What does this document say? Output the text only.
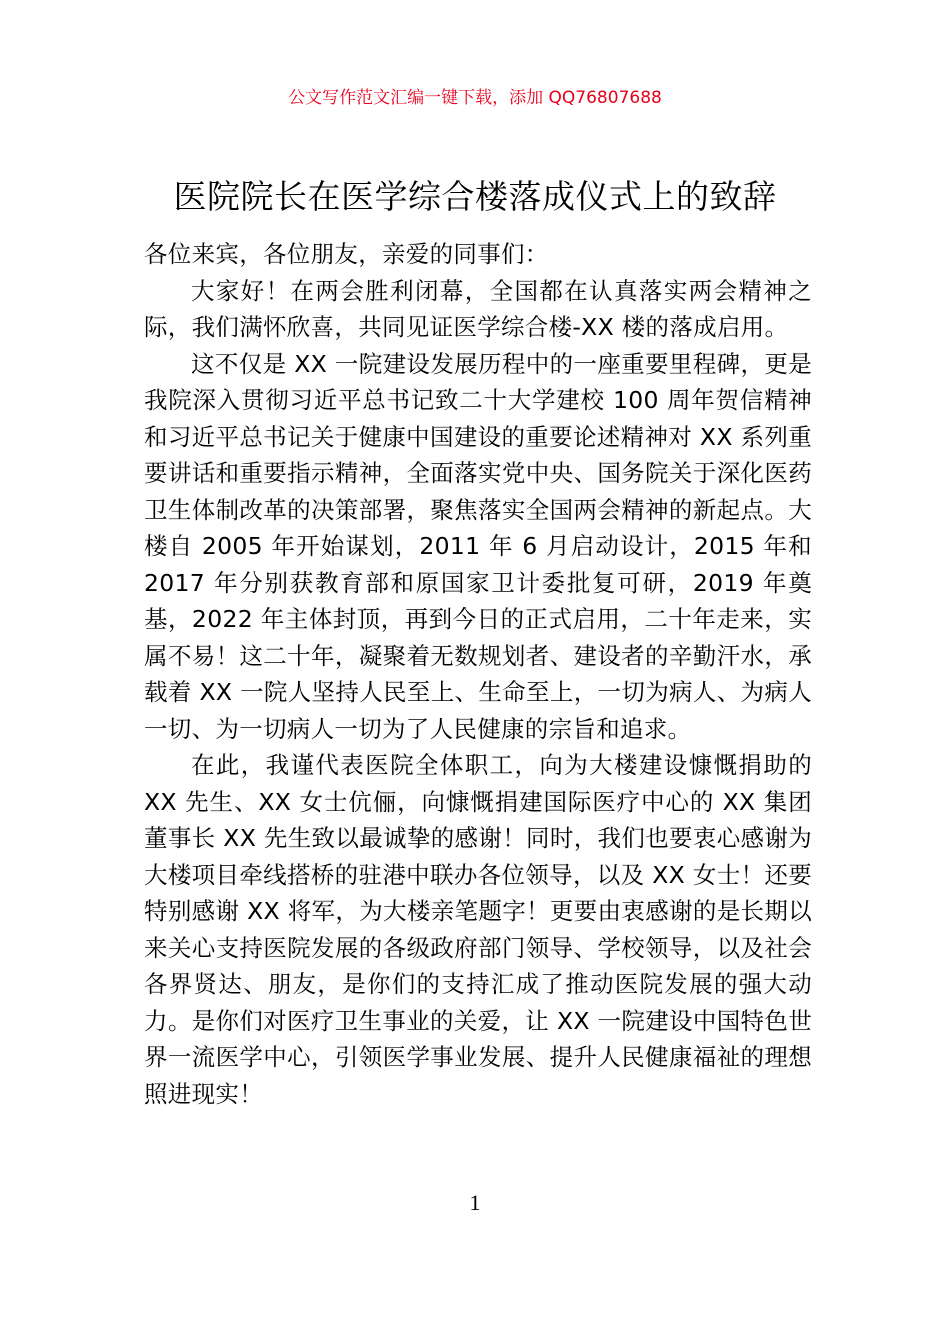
公文写作范文汇编一键下载，添加 QQ76807688
医院院长在医学综合楼落成仪式上的致辞

各位来宾，各位朋友，亲爱的同事们：

大家好！在两会胜利闭幕，全国都在认真落实两会精神之际，我们满怀欣喜，共同见证医学综合楼-XX 楼的落成启用。

这不仅是 XX 一院建设发展历程中的一座重要里程碑，更是我院深入贯彻习近平总书记致二十大学建校 100 周年贺信精神和习近平总书记关于健康中国建设的重要论述精神对 XX 系列重要讲话和重要指示精神，全面落实党中央、国务院关于深化医药卫生体制改革的决策部署，聚焦落实全国两会精神的新起点。大楼自 2005 年开始谋划，2011 年 6 月启动设计，2015 年和 2017 年分别获教育部和原国家卫计委批复可研，2019 年奠基，2022 年主体封顶，再到今日的正式启用，二十年走来，实属不易！这二十年，凝聚着无数规划者、建设者的辛勤汗水，承载着 XX 一院人坚持人民至上、生命至上，一切为病人、为病人一切、为一切病人一切为了人民健康的宗旨和追求。

在此，我谨代表医院全体职工，向为大楼建设慷慨捐助的 XX 先生、XX 女士伉俪，向慷慨捐建国际医疗中心的 XX 集团董事长 XX 先生致以最诚挚的感谢！同时，我们也要衷心感谢为大楼项目牵线搭桥的驻港中联办各位领导，以及 XX 女士！还要特别感谢 XX 将军，为大楼亲笔题字！更要由衷感谢的是长期以来关心支持医院发展的各级政府部门领导、学校领导，以及社会各界贤达、朋友，是你们的支持汇成了推动医院发展的强大动力。是你们对医疗卫生事业的关爱，让 XX 一院建设中国特色世界一流医学中心，引领医学事业发展、提升人民健康福祉的理想照进现实！

1
